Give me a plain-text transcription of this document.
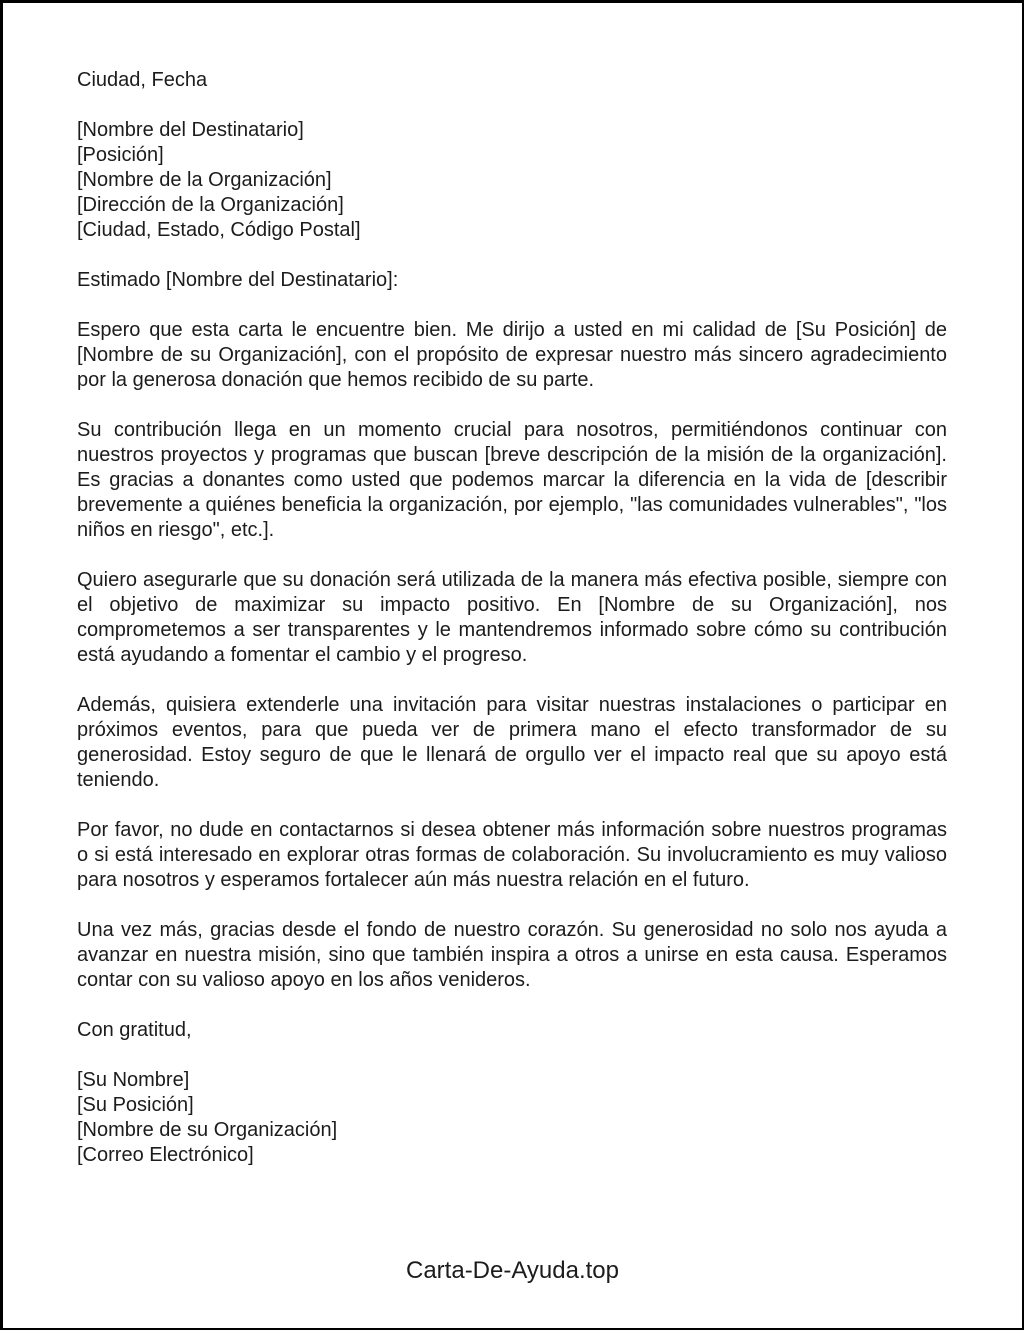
Ciudad, Fecha
[Nombre del Destinatario]
[Posición]
[Nombre de la Organización]
[Dirección de la Organización]
[Ciudad, Estado, Código Postal]
Estimado [Nombre del Destinatario]:

Espero que esta carta le encuentre bien. Me dirijo a usted en mi calidad de [Su Posición] de [Nombre de su Organización], con el propósito de expresar nuestro más sincero agradecimiento por la generosa donación que hemos recibido de su parte.

Su contribución llega en un momento crucial para nosotros, permitiéndonos continuar con nuestros proyectos y programas que buscan [breve descripción de la misión de la organización]. Es gracias a donantes como usted que podemos marcar la diferencia en la vida de [describir brevemente a quiénes beneficia la organización, por ejemplo, "las comunidades vulnerables", "los niños en riesgo", etc.].

Quiero asegurarle que su donación será utilizada de la manera más efectiva posible, siempre con el objetivo de maximizar su impacto positivo. En [Nombre de su Organización], nos comprometemos a ser transparentes y le mantendremos informado sobre cómo su contribución está ayudando a fomentar el cambio y el progreso.

Además, quisiera extenderle una invitación para visitar nuestras instalaciones o participar en próximos eventos, para que pueda ver de primera mano el efecto transformador de su generosidad. Estoy seguro de que le llenará de orgullo ver el impacto real que su apoyo está teniendo.

Por favor, no dude en contactarnos si desea obtener más información sobre nuestros programas o si está interesado en explorar otras formas de colaboración. Su involucramiento es muy valioso para nosotros y esperamos fortalecer aún más nuestra relación en el futuro.

Una vez más, gracias desde el fondo de nuestro corazón. Su generosidad no solo nos ayuda a avanzar en nuestra misión, sino que también inspira a otros a unirse en esta causa. Esperamos contar con su valioso apoyo en los años venideros.

Con gratitud,
[Su Nombre]
[Su Posición]
[Nombre de su Organización]
[Correo Electrónico]
Carta-De-Ayuda.top
